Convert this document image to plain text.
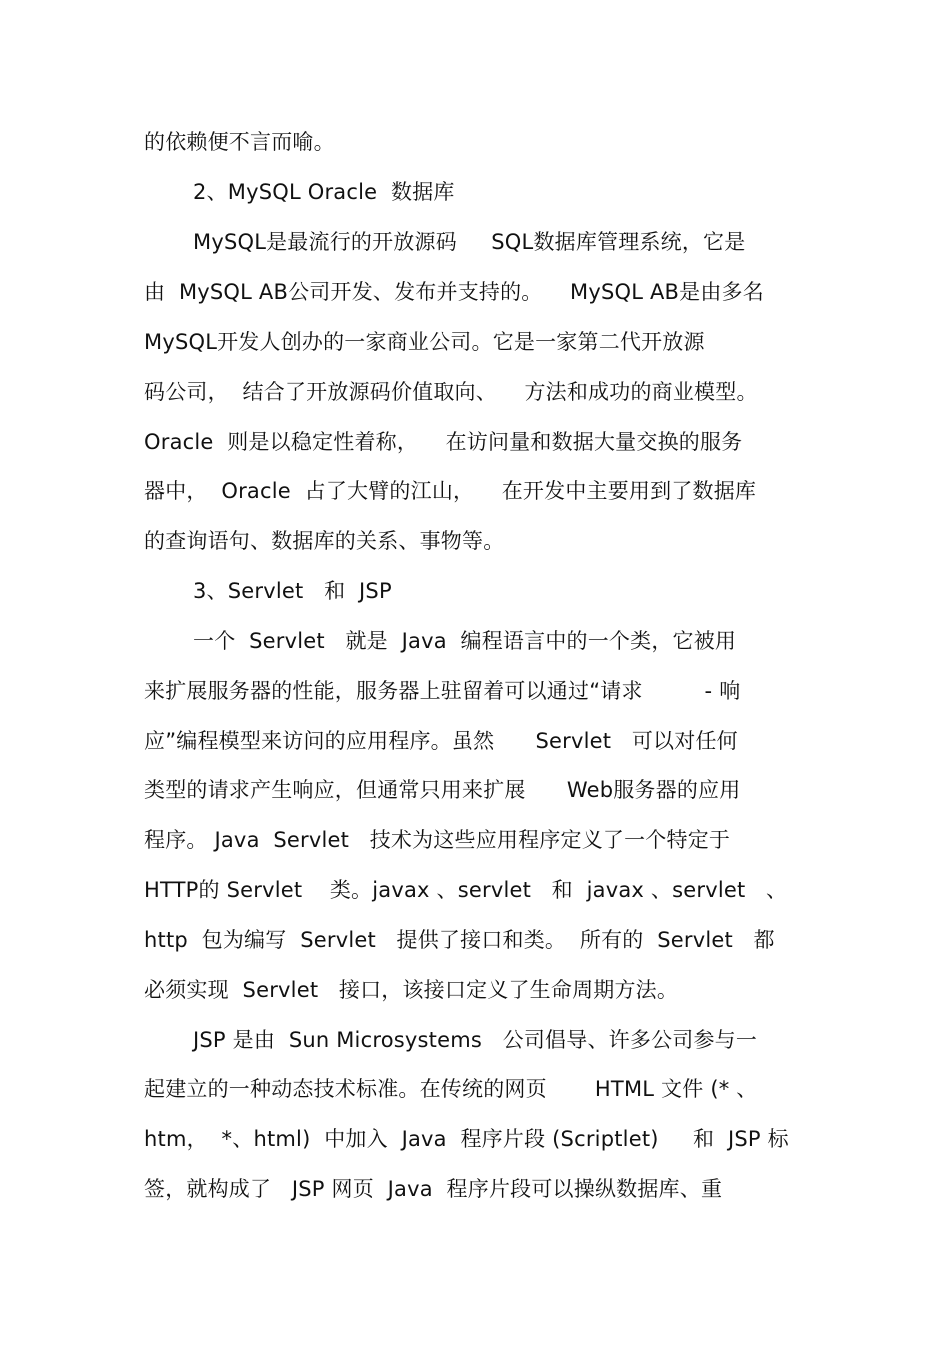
的依赖便不言而喻。
2、MySQL Oracle  数据库
MySQL是最流行的开放源码     SQL数据库管理系统，它是
由  MySQL AB公司开发、发布并支持的。    MySQL AB是由多名
MySQL开发人创办的一家商业公司。它是一家第二代开放源
码公司，  结合了开放源码价值取向、    方法和成功的商业模型。
Oracle  则是以稳定性着称，    在访问量和数据大量交换的服务
器中，  Oracle  占了大臂的江山，    在开发中主要用到了数据库
的查询语句、数据库的关系、事物等。
3、Servlet   和  JSP
一个  Servlet   就是  Java  编程语言中的一个类，它被用
来扩展服务器的性能，服务器上驻留着可以通过“请求         - 响
应”编程模型来访问的应用程序。虽然      Servlet   可以对任何
类型的请求产生响应，但通常只用来扩展      Web服务器的应用
程序。 Java  Servlet   技术为这些应用程序定义了一个特定于
HTTP的 Servlet    类。javax 、servlet   和  javax 、servlet   、
http  包为编写  Servlet   提供了接口和类。  所有的  Servlet   都
必须实现  Servlet   接口，该接口定义了生命周期方法。
JSP 是由  Sun Microsystems   公司倡导、许多公司参与一
起建立的一种动态技术标准。在传统的网页       HTML 文件 (* 、
htm，  *、html)  中加入  Java  程序片段 (Scriptlet)     和  JSP 标
签，就构成了   JSP 网页  Java  程序片段可以操纵数据库、重
